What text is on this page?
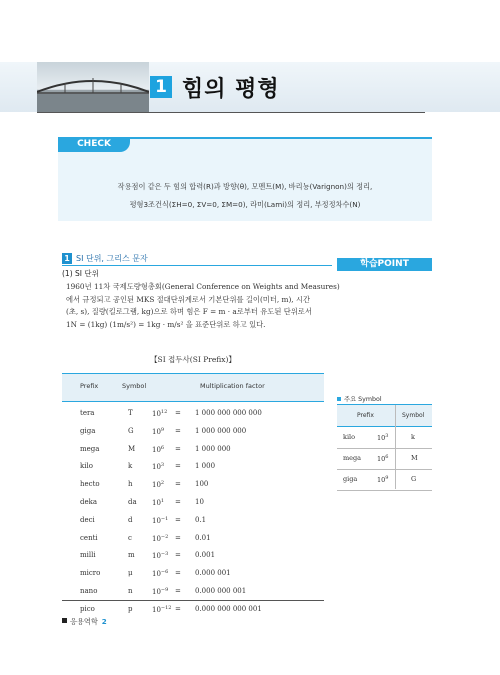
1 힘의 평형
CHECK
작용점이 같은 두 힘의 합력(R)과 방향(θ), 모멘트(M), 바리뇽(Varignon)의 정리,
평형3조건식(ΣH=0, ΣV=0, ΣM=0), 라미(Lami)의 정리, 부정정차수(N)
1 SI 단위, 그리스 문자
학습POINT
(1) SI 단위
1960년 11차 국제도량형총회(General Conference on Weights and Measures)
에서 규정되고 공인된 MKS 절대단위계로서 기본단위를 길이(미터, m), 시간
(초, s), 질량(킬로그램, kg)으로 하며 힘은 F = m · a로부터 유도된 단위로서
1N = (1kg) (1m/s²) = 1kg · m/s² 을 표준단위로 하고 있다.
【SI 접두사(SI Prefix)】
Prefix	Symbol	Multiplication factor
tera	T	$10^{12} = 1$ 000 000 000 000
giga	G	$10^9 = 1$ 000 000 000
mega	M $10^6 = 1$ 000 000
kilo	k	$10^3 = 1$ 000
hecto	h	$10^2 = 100$
deka	da $10^1 = 10$
deci	d	$10^{-1} = 0.1$
centi	c	$10^{-2} = 0.01$
milli	m $10^{-3} = 0.001$
micro	μ	$10^{-6} = 0.000$ 001
nano	n	$10^{-9} = 0.000$ 000 001
pico	p	$10^{-12} = 0.000$ 000 000 001
주요 Symbol
Prefix	Symbol
kilo	$10^3$	k
mega $10^6$	M
giga	$10^9$	G
응용역학 2
